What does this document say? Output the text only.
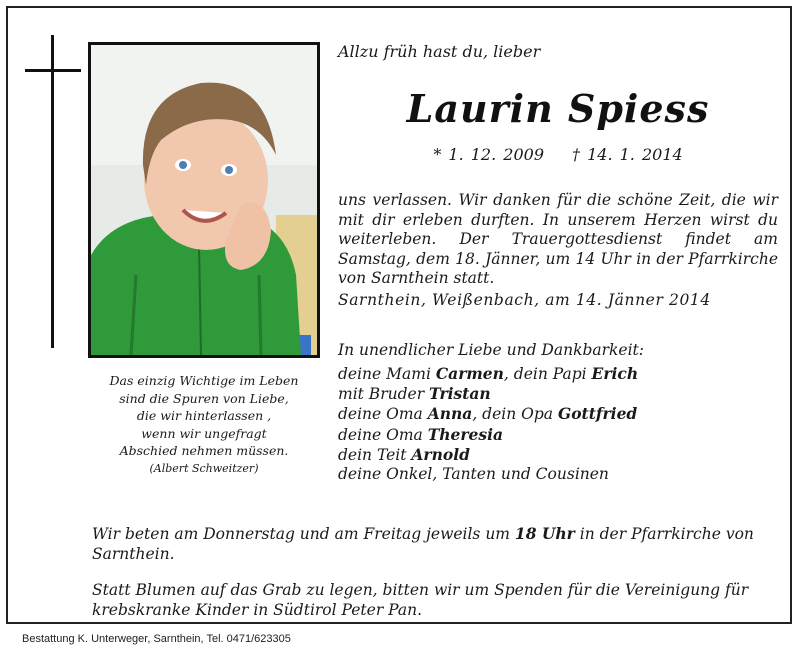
Das einzig Wichtige im Leben
sind die Spuren von Liebe,
die wir hinterlassen ,
wenn wir ungefragt
Abschied nehmen müssen.
(Albert Schweitzer)
Allzu früh hast du, lieber
Laurin Spiess
* 1. 12. 2009 † 14. 1. 2014
uns verlassen. Wir danken für die schöne Zeit, die wir mit dir erleben durften. In unserem Herzen wirst du weiterleben. Der Trauergottesdienst findet am Samstag, dem 18. Jänner, um 14 Uhr in der Pfarrkirche von Sarnthein statt.
Sarnthein, Weißenbach, am 14. Jänner 2014
In unendlicher Liebe und Dankbarkeit:
deine Mami Carmen, dein Papi Erich
mit Bruder Tristan
deine Oma Anna, dein Opa Gottfried
deine Oma Theresia
dein Teit Arnold
deine Onkel, Tanten und Cousinen
Wir beten am Donnerstag und am Freitag jeweils um 18 Uhr in der Pfarrkirche von Sarnthein.
Statt Blumen auf das Grab zu legen, bitten wir um Spenden für die Vereinigung für krebskranke Kinder in Südtirol Peter Pan.
Bestattung K. Unterweger, Sarnthein, Tel. 0471/623305
